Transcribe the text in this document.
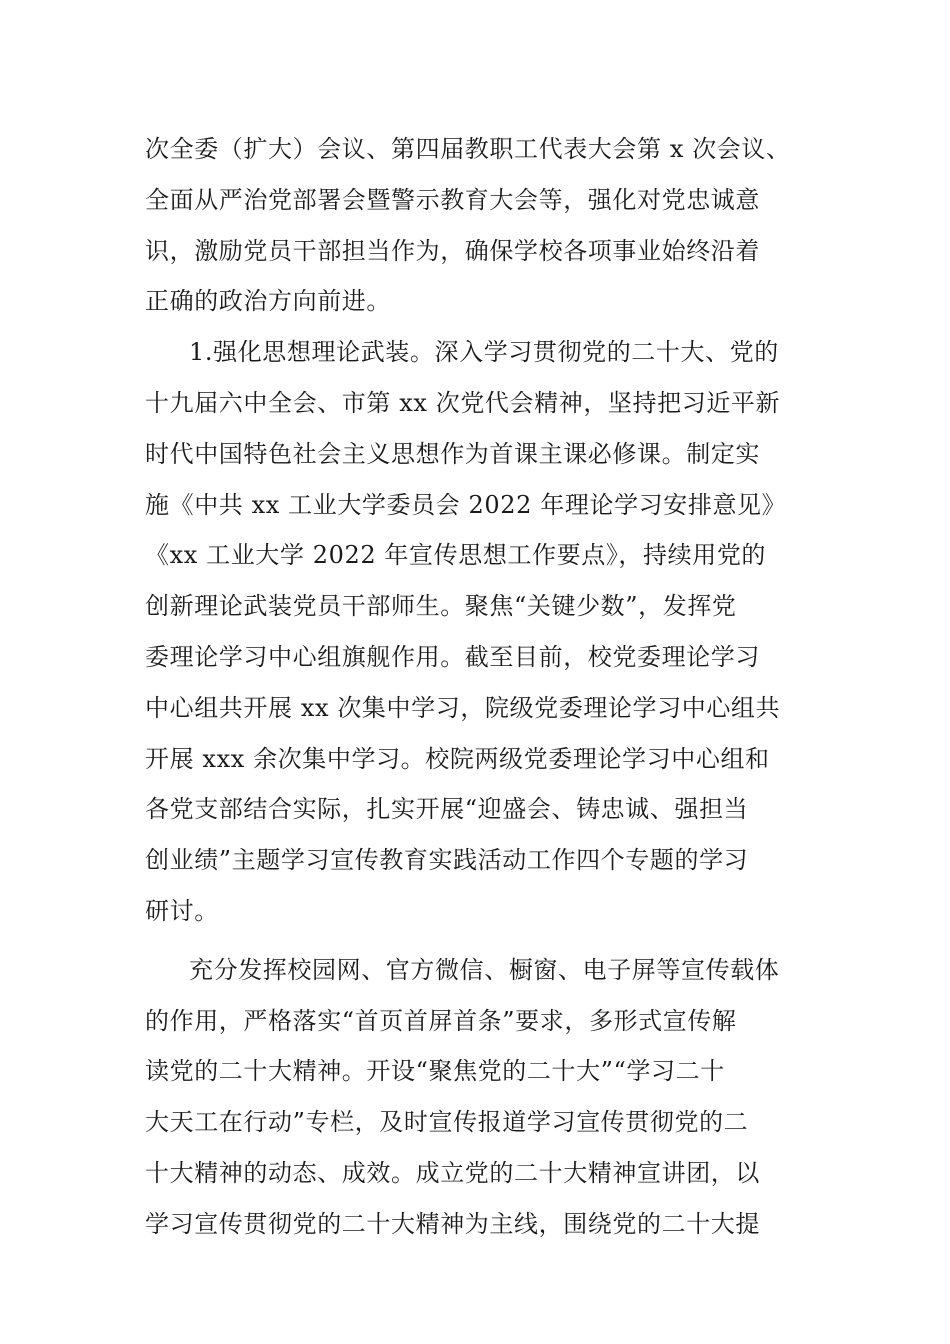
次全委（扩大）会议、第四届教职工代表大会第 x 次会议、
全面从严治党部署会暨警示教育大会等，强化对党忠诚意
识，激励党员干部担当作为，确保学校各项事业始终沿着
正确的政治方向前进。
1.强化思想理论武装。深入学习贯彻党的二十大、党的
十九届六中全会、市第 xx 次党代会精神，坚持把习近平新
时代中国特色社会主义思想作为首课主课必修课。制定实
施《中共 xx 工业大学委员会 2022 年理论学习安排意见》
《xx 工业大学 2022 年宣传思想工作要点》，持续用党的
创新理论武装党员干部师生。聚焦“关键少数”，发挥党
委理论学习中心组旗舰作用。截至目前，校党委理论学习
中心组共开展 xx 次集中学习，院级党委理论学习中心组共
开展 xxx 余次集中学习。校院两级党委理论学习中心组和
各党支部结合实际，扎实开展“迎盛会、铸忠诚、强担当
创业绩”主题学习宣传教育实践活动工作四个专题的学习
研讨。
充分发挥校园网、官方微信、橱窗、电子屏等宣传载体
的作用，严格落实“首页首屏首条”要求，多形式宣传解
读党的二十大精神。开设“聚焦党的二十大”“学习二十
大天工在行动”专栏，及时宣传报道学习宣传贯彻党的二
十大精神的动态、成效。成立党的二十大精神宣讲团，以
学习宣传贯彻党的二十大精神为主线，围绕党的二十大提
